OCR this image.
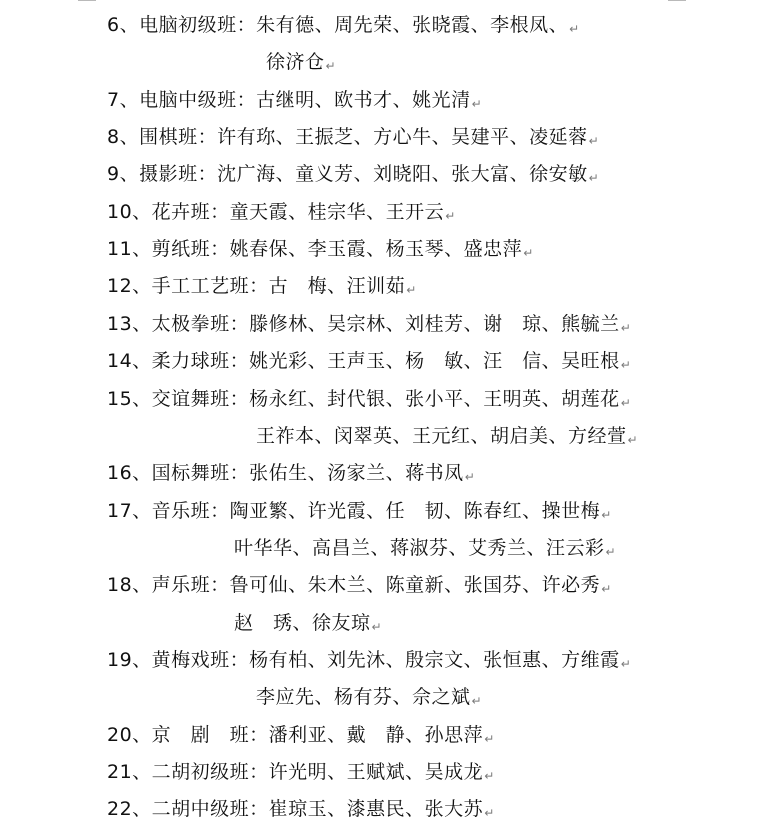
6、电脑初级班：朱有德、周先荣、张晓霞、李根凤、↵
徐济仓↵
7、电脑中级班：古继明、欧书才、姚光清↵
8、围棋班：许有珎、王振芝、方心牛、吴建平、凌延蓉↵
9、摄影班：沈广海、童义芳、刘晓阳、张大富、徐安敏↵
10、花卉班：童天霞、桂宗华、王开云↵
11、剪纸班：姚春保、李玉霞、杨玉琴、盛忠萍↵
12、手工工艺班：古　梅、汪训茹↵
13、太极拳班：滕修林、吴宗林、刘桂芳、谢　琼、熊毓兰↵
14、柔力球班：姚光彩、王声玉、杨　敏、汪　信、吴旺根↵
15、交谊舞班：杨永红、封代银、张小平、王明英、胡莲花↵
王祚本、闵翠英、王元红、胡启美、方经萱↵
16、国标舞班：张佑生、汤家兰、蒋书凤↵
17、音乐班：陶亚繁、许光霞、任　韧、陈春红、操世梅↵
叶华华、高昌兰、蒋淑芬、艾秀兰、汪云彩↵
18、声乐班：鲁可仙、朱木兰、陈童新、张国芬、许必秀↵
赵　琇、徐友琼↵
19、黄梅戏班：杨有柏、刘先沐、殷宗文、张恒惠、方维霞↵
李应先、杨有芬、佘之斌↵
20、京　剧　班：潘利亚、戴　静、孙思萍↵
21、二胡初级班：许光明、王赋斌、吴成龙↵
22、二胡中级班：崔琼玉、漆惠民、张大苏↵
